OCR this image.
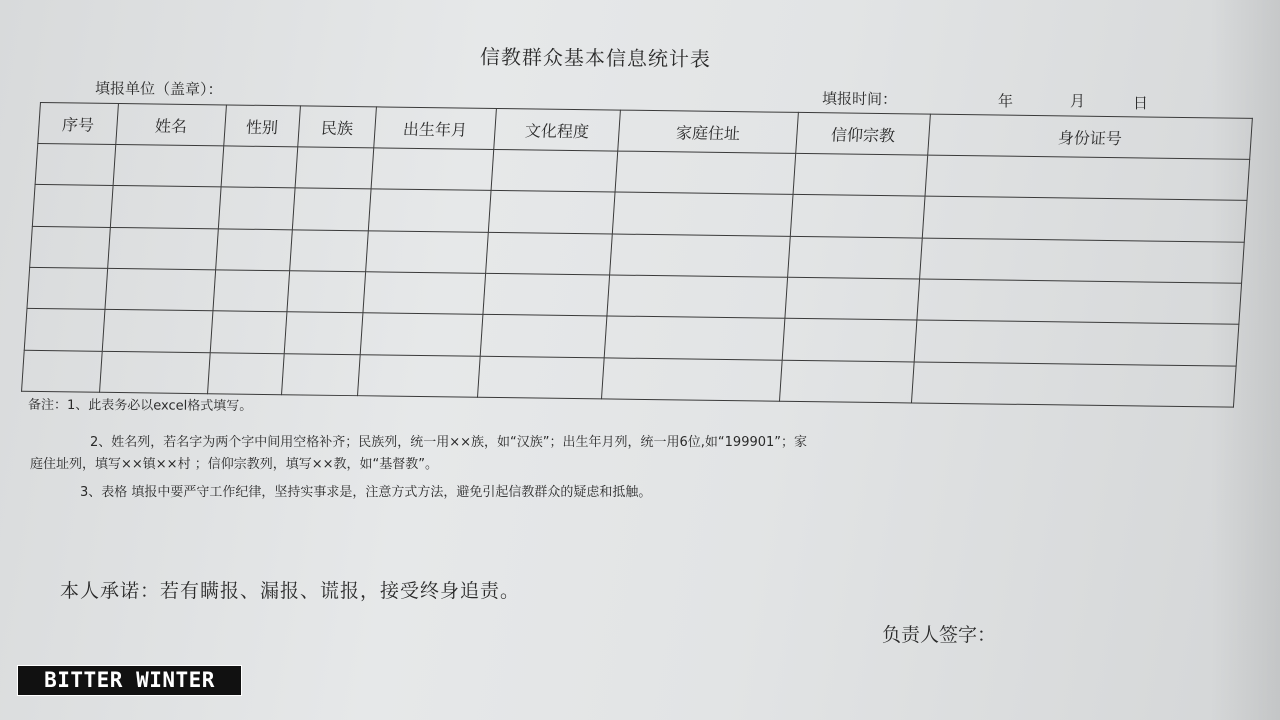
信教群众基本信息统计表
填报单位（盖章）：
填报时间：	年	月	日
序号	姓名	性别	民族	出生年月	文化程度	家庭住址	信仰宗教	身份证号

备注：1、此表务必以excel格式填写。
2、姓名列，若名字为两个字中间用空格补齐；民族列，统一用××族，如“汉族”；出生年月列，统一用6位,如“199901”；家
庭住址列，填写××镇××村 ；信仰宗教列，填写××教，如“基督教”。
3、表格 填报中要严守工作纪律，坚持实事求是，注意方式方法，避免引起信教群众的疑虑和抵触。
本人承诺：若有瞒报、漏报、谎报，接受终身追责。
负责人签字：
BITTER WINTER
